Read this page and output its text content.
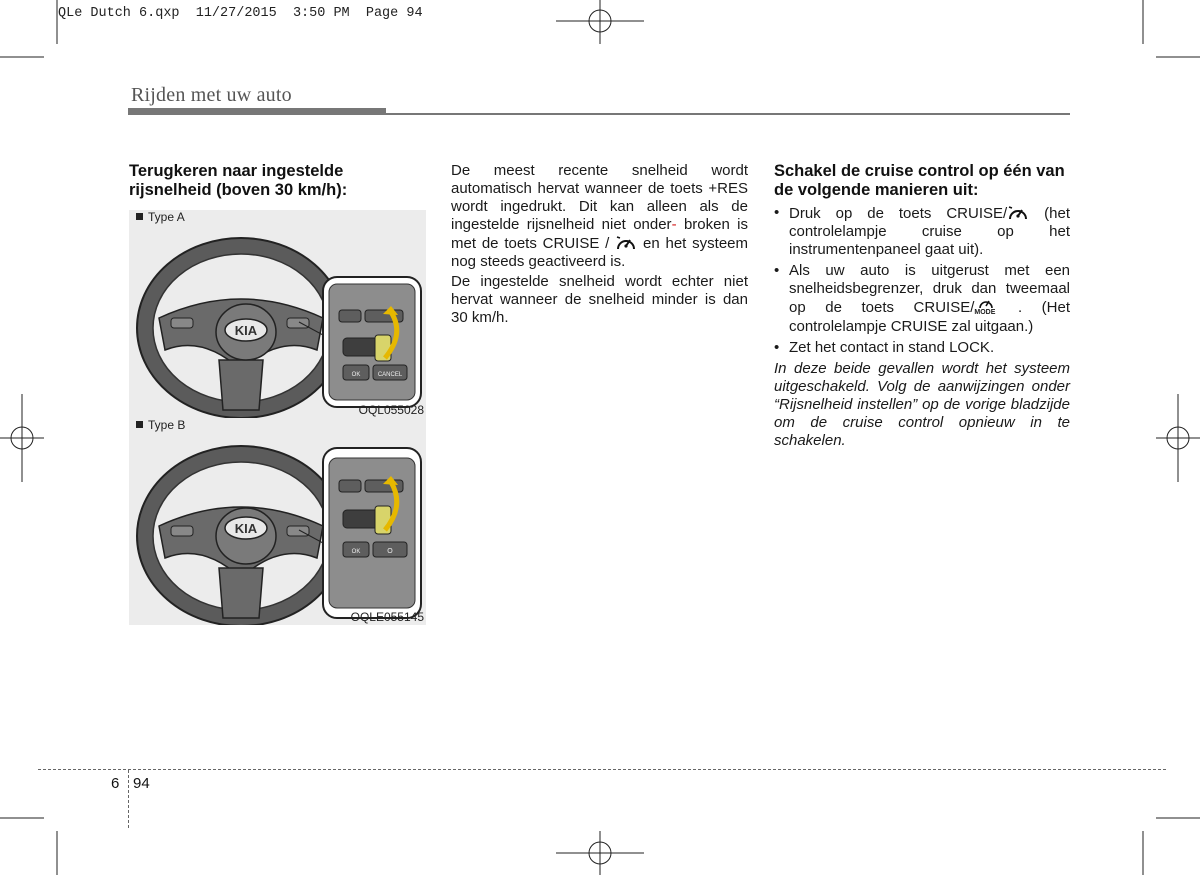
QLe Dutch 6.qxp  11/27/2015  3:50 PM  Page 94
Rijden met uw auto

Terugkeren naar ingestelde rijsnelheid (boven 30 km/h):

Type A
KIA
OK	CANCEL
OQL055028
Type B
KIA
OK	O
OQLE055145

De meest recente snelheid wordt automatisch hervat wanneer de toets +RES wordt ingedrukt. Dit kan alleen als de ingestelde rijsnelheid niet onder- broken is met de toets CRUISE / en het systeem nog steeds geactiveerd is.

De ingestelde snelheid wordt echter niet hervat wanneer de snelheid minder is dan 30 km/h.

Schakel de cruise control op één van de volgende manieren uit:

• Druk op de toets CRUISE/ (het controlelampje cruise op het instrumentenpaneel gaat uit).
• Als uw auto is uitgerust met een snelheidsbegrenzer, druk dan tweemaal op de toets CRUISE/ MODE . (Het controlelampje CRUISE zal uitgaan.)
• Zet het contact in stand LOCK.

In deze beide gevallen wordt het systeem uitgeschakeld. Volg de aanwijzingen onder “Rijsnelheid instellen” op de vorige bladzijde om de cruise control opnieuw in te schakelen.

6 94
